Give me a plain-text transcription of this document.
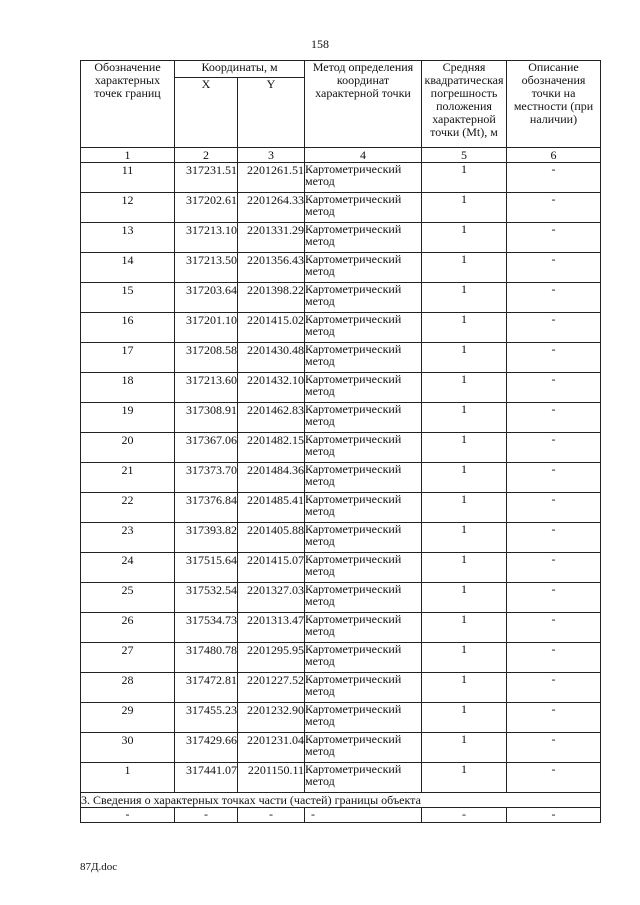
158
Обозначение характерных точек границ	Координаты, м		Метод определения координат характерной точки	Средняя квадратическая погрешность положения характерной точки (Mt), м	Описание обозначения точки на местности (при наличии)
	X	Y			
1	2	3	4	5	6
11	317231.51	2201261.51	Картометрический метод	1	-
12	317202.61	2201264.33	Картометрический метод	1	-
13	317213.10	2201331.29	Картометрический метод	1	-
14	317213.50	2201356.43	Картометрический метод	1	-
15	317203.64	2201398.22	Картометрический метод	1	-
16	317201.10	2201415.02	Картометрический метод	1	-
17	317208.58	2201430.48	Картометрический метод	1	-
18	317213.60	2201432.10	Картометрический метод	1	-
19	317308.91	2201462.83	Картометрический метод	1	-
20	317367.06	2201482.15	Картометрический метод	1	-
21	317373.70	2201484.36	Картометрический метод	1	-
22	317376.84	2201485.41	Картометрический метод	1	-
23	317393.82	2201405.88	Картометрический метод	1	-
24	317515.64	2201415.07	Картометрический метод	1	-
25	317532.54	2201327.03	Картометрический метод	1	-
26	317534.73	2201313.47	Картометрический метод	1	-
27	317480.78	2201295.95	Картометрический метод	1	-
28	317472.81	2201227.52	Картометрический метод	1	-
29	317455.23	2201232.90	Картометрический метод	1	-
30	317429.66	2201231.04	Картометрический метод	1	-
1	317441.07	2201150.11	Картометрический метод	1	-
3. Сведения о характерных точках части (частей) границы объекта					
-	-	-	-	-	-
87Д.doc
